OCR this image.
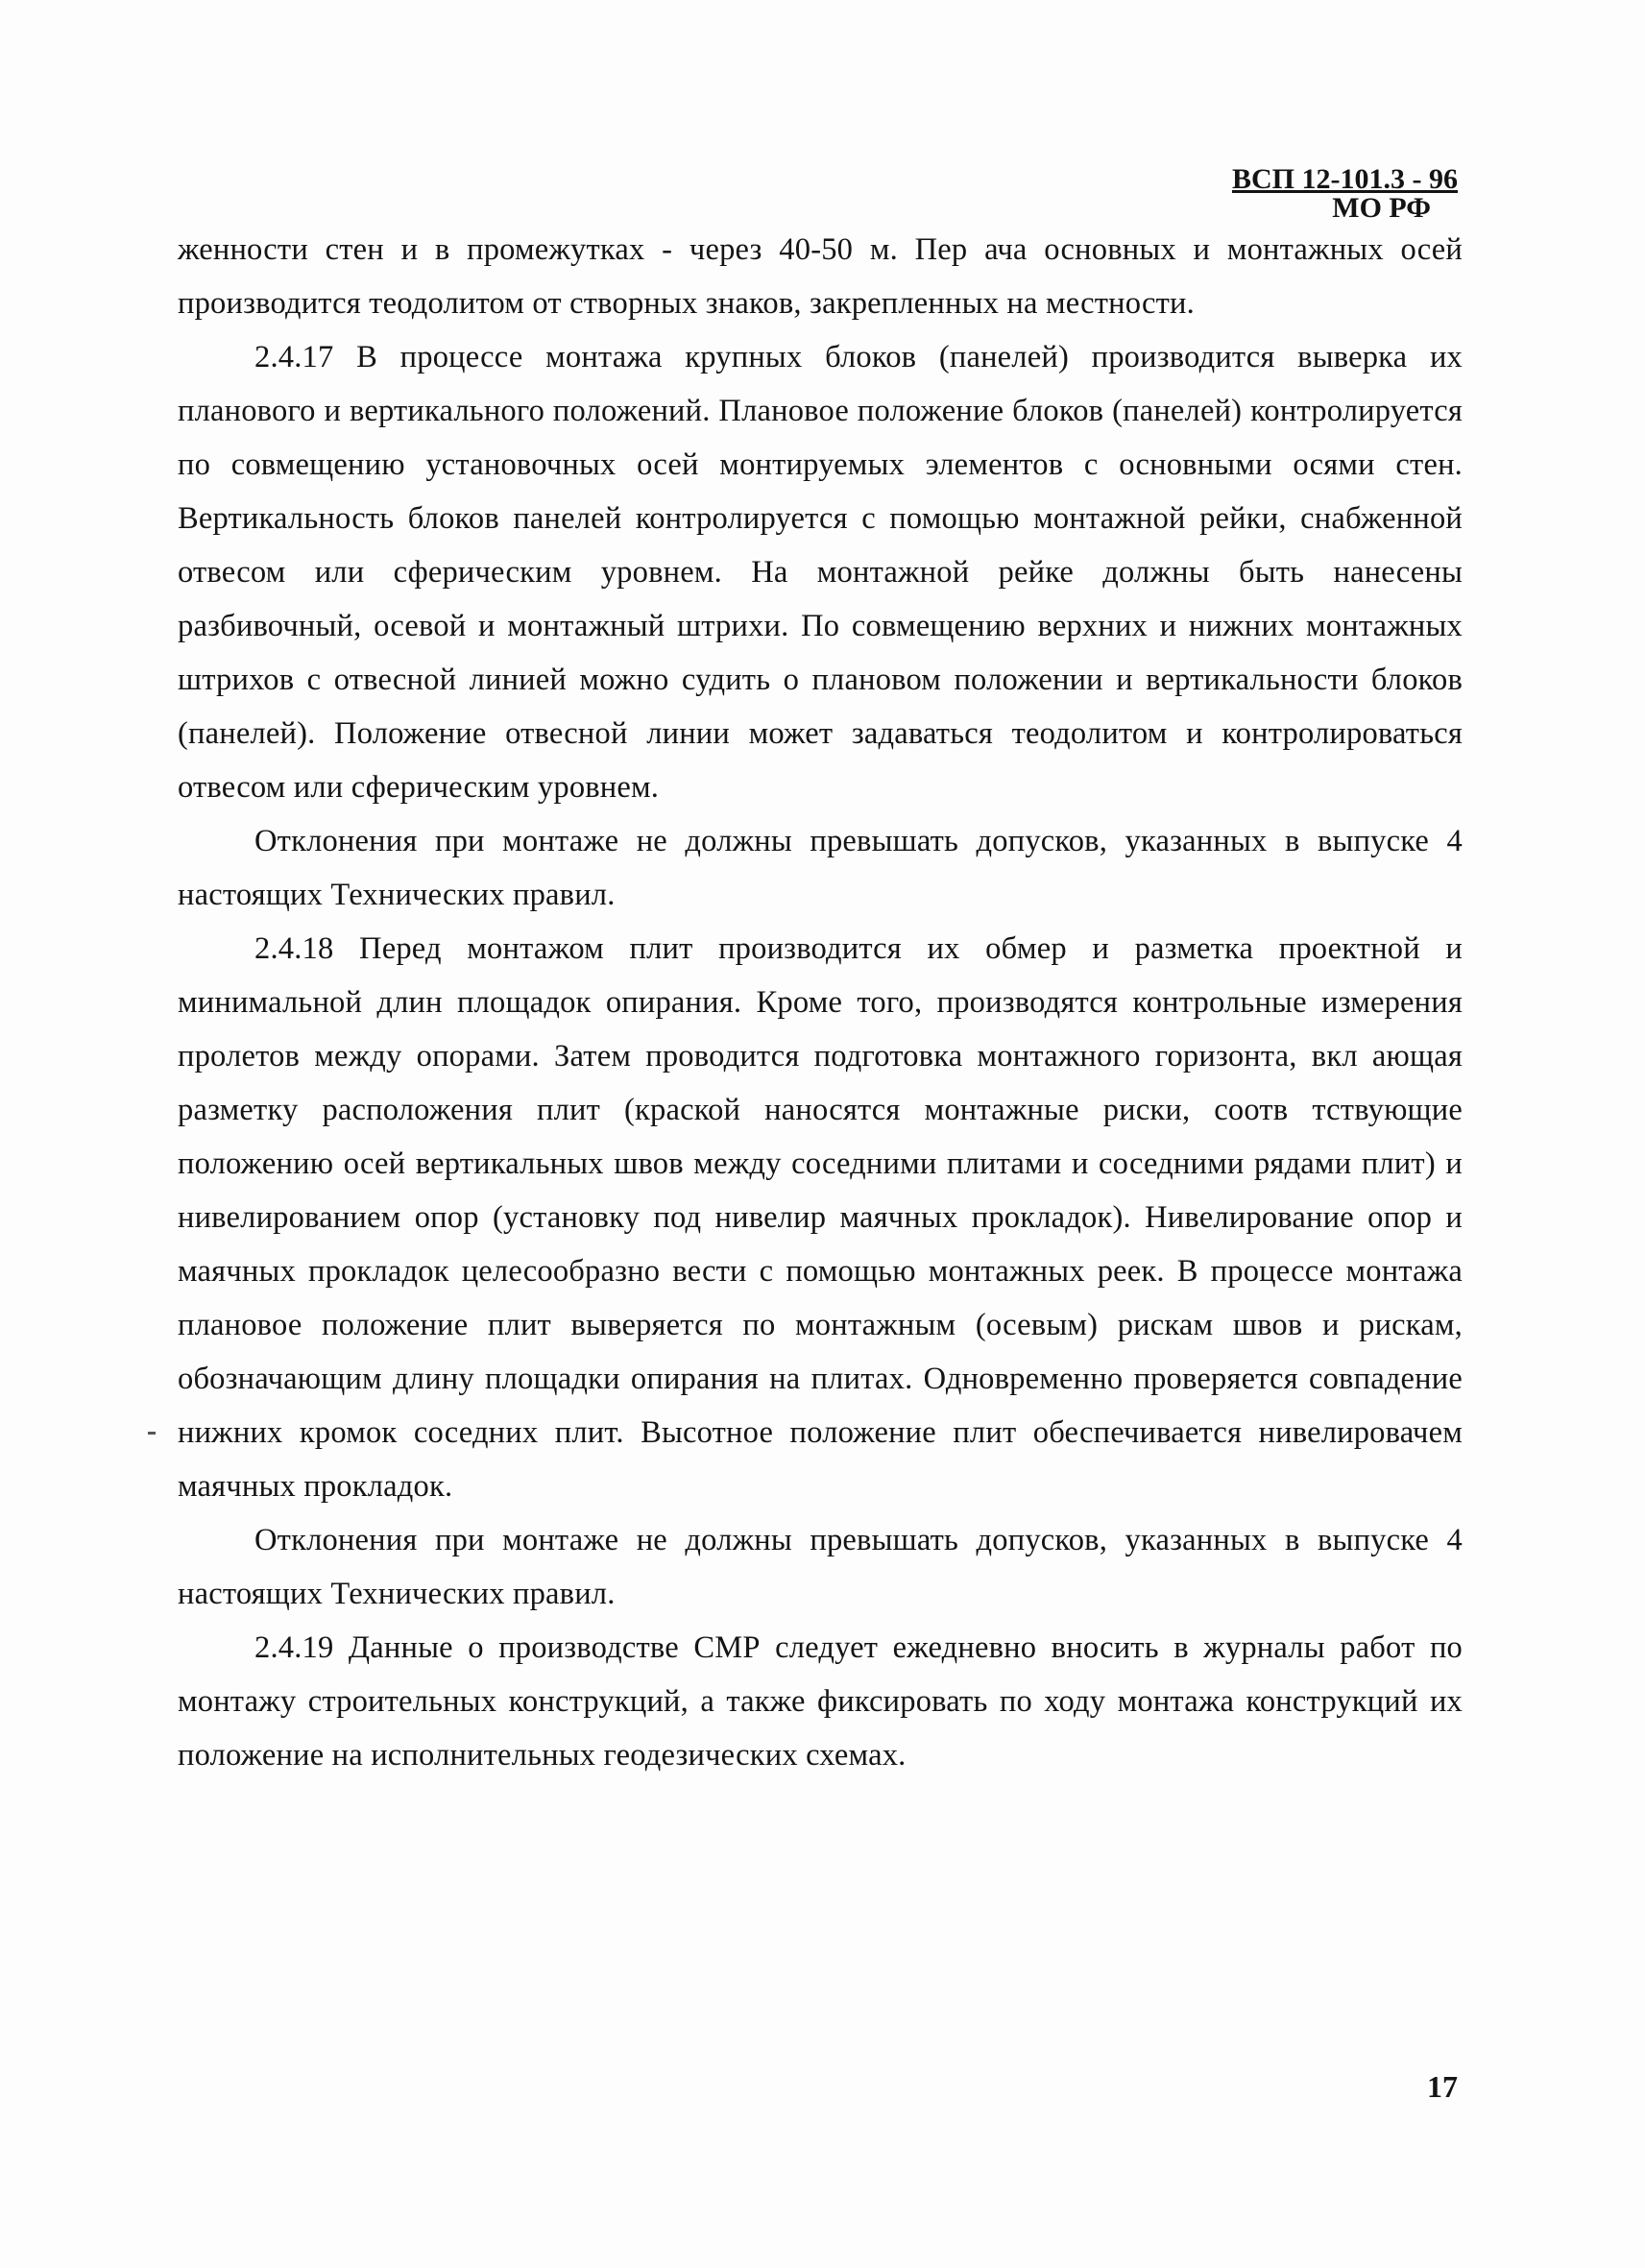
ВСП 12-101.3 - 96
МО РФ

женности стен и в промежутках - через 40-50 м. Пер ача основных и монтажных осей производится теодолитом от створных знаков, закрепленных на местности.

2.4.17 В процессе монтажа крупных блоков (панелей) производится выверка их планового и вертикального положений. Плановое положение блоков (панелей) контролируется по совмещению установочных осей монтируемых элементов с основными осями стен. Вертикальность блоков панелей контролируется с помощью монтажной рейки, снабженной отвесом или сферическим уровнем. На монтажной рейке должны быть нанесены разбивочный, осевой и монтажный штрихи. По совмещению верхних и нижних монтажных штрихов с отвесной линией можно судить о плановом положении и вертикальности блоков (панелей). Положение отвесной линии может задаваться теодолитом и контролироваться отвесом или сферическим уровнем.

Отклонения при монтаже не должны превышать допусков, указанных в выпуске 4 настоящих Технических правил.

2.4.18 Перед монтажом плит производится их обмер и разметка проектной и минимальной длин площадок опирания. Кроме того, производятся контрольные измерения пролетов между опорами. Затем проводится подготовка монтажного горизонта, вкл ающая разметку расположения плит (краской наносятся монтажные риски, соотв тствующие положению осей вертикальных швов между соседними плитами и соседними рядами плит) и нивелированием опор (установку под нивелир маячных прокладок). Нивелирование опор и маячных прокладок целесообразно вести с помощью монтажных реек. В процессе монтажа плановое положение плит выверяется по монтажным (осевым) рискам швов и рискам, обозначающим длину площадки опирания на плитах. Одновременно проверяется совпадение нижних кромок соседних плит. Высотное положение плит обеспечивается нивелировачем маячных прокладок.

Отклонения при монтаже не должны превышать допусков, указанных в выпуске 4 настоящих Технических правил.

2.4.19 Данные о производстве СМР следует ежедневно вносить в журналы работ по монтажу строительных конструкций, а также фиксировать по ходу монтажа конструкций их положение на исполнительных геодезических схемах.

17
